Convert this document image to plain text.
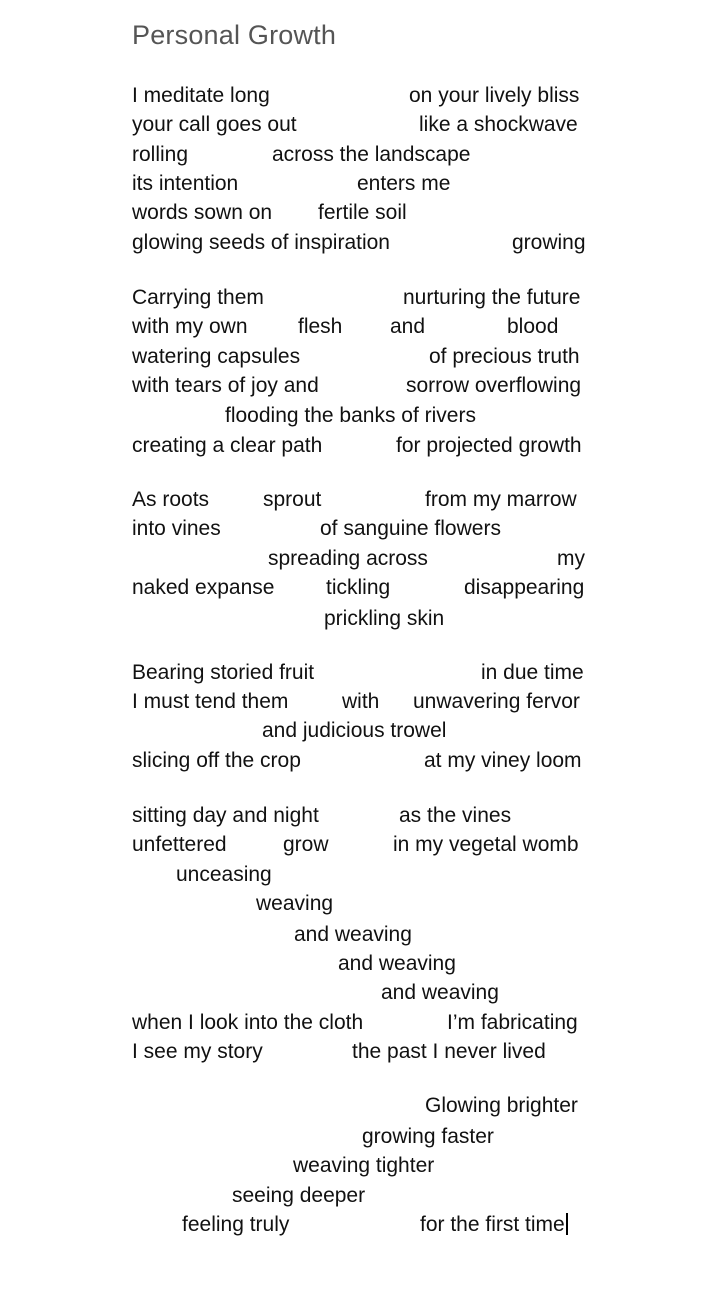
Personal Growth
I meditate long	on your lively bliss
your call goes out	like a shockwave
rolling	across the landscape
its intention	enters me
words sown on fertile soil
glowing seeds of inspiration	growing
Carrying them	nurturing the future
with my own flesh and	blood
watering capsules	of precious truth
with tears of joy and	sorrow overflowing
flooding the banks of rivers
creating a clear path	for projected growth
As roots	sprout	from my marrow
into vines	of sanguine flowers
spreading across	my
naked expanse tickling	disappearing
prickling skin
Bearing storied fruit	in due time
I must tend them	with unwavering fervor
and judicious trowel
slicing off the crop	at my viney loom
sitting day and night	as the vines
unfettered	grow	in my vegetal womb
unceasing
weaving
and weaving
and weaving
and weaving
when I look into the cloth	I’m fabricating
I see my story	the past I never lived
Glowing brighter
growing faster
weaving tighter
seeing deeper
feeling truly	for the first time
